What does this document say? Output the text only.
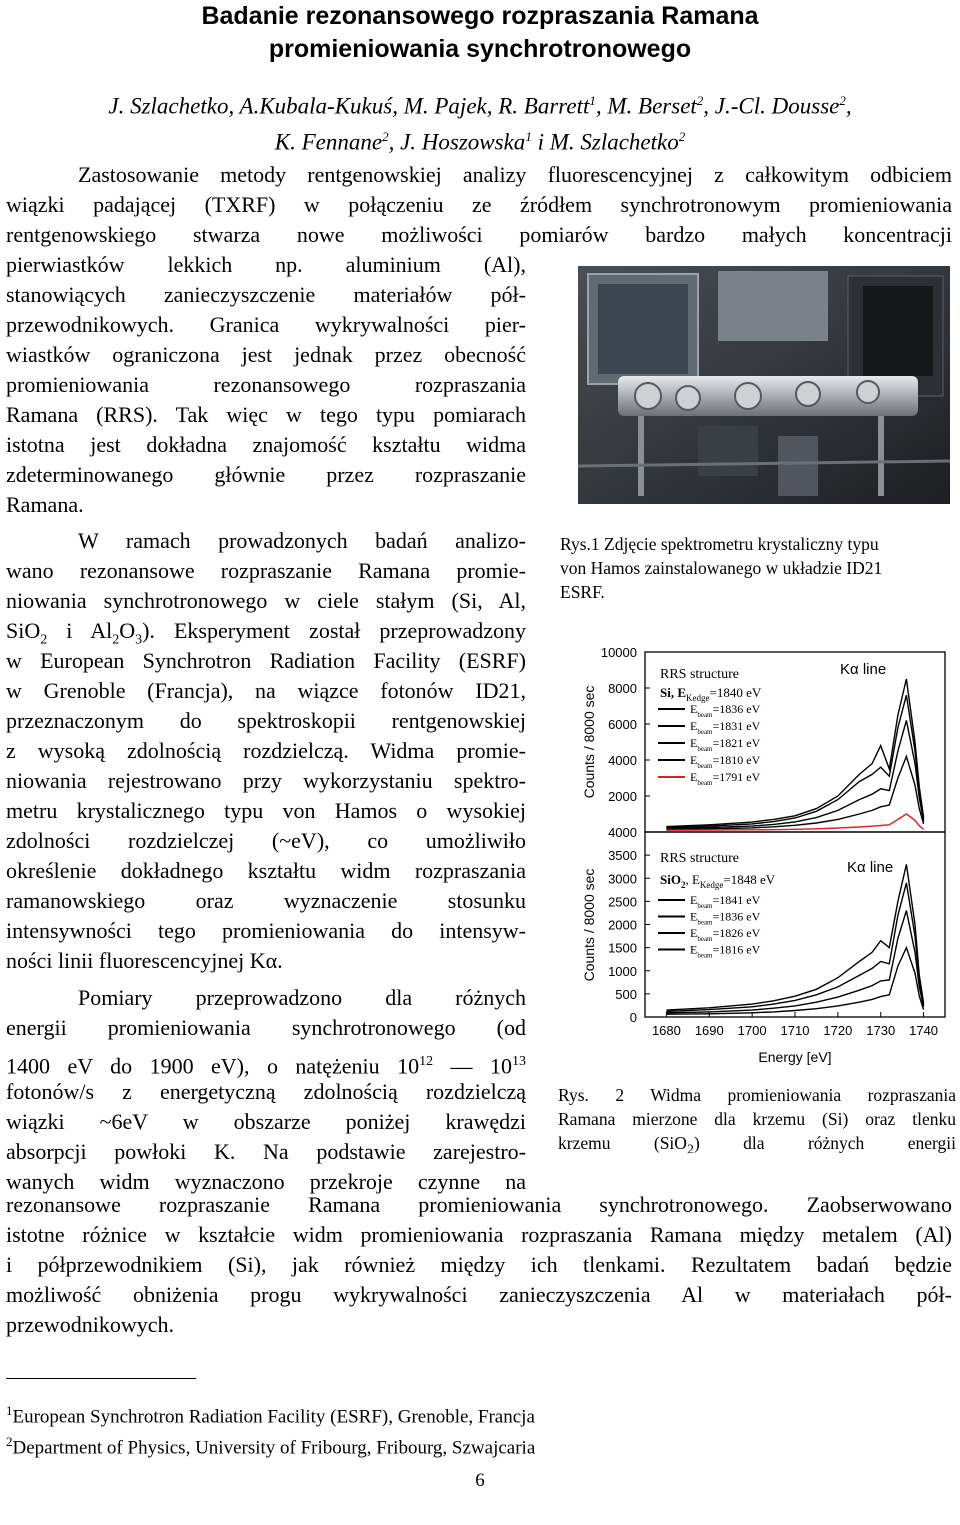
Badanie rezonansowego rozpraszania Ramana
promieniowania synchrotronowego
J. Szlachetko, A.Kubala-Kukuś, M. Pajek, R. Barrett$^1$, M. Berset$^2$, J.-Cl. Dousse$^2$,
K. Fennane$^2$, J. Hoszowska$^1$ i M. Szlachetko$^2$
Zastosowanie metody rentgenowskiej analizy fluorescencyjnej z całkowitym odbiciem
wiązki padającej (TXRF) w połączeniu ze źródłem synchrotronowym promieniowania
rentgenowskiego stwarza nowe możliwości pomiarów bardzo małych koncentracji
pierwiastków lekkich np. aluminium (Al),
stanowiących zanieczyszczenie materiałów pół-
przewodnikowych. Granica wykrywalności pier-
wiastków ograniczona jest jednak przez obecność
promieniowania rezonansowego rozpraszania
Ramana (RRS). Tak więc w tego typu pomiarach
istotna jest dokładna znajomość kształtu widma
zdeterminowanego głównie przez rozpraszanie
Ramana.
W ramach prowadzonych badań analizo-
wano rezonansowe rozpraszanie Ramana promie-
niowania synchrotronowego w ciele stałym (Si, Al,
SiO$_2$ i $Al_2O_3$). Eksperyment został przeprowadzony
w European Synchrotron Radiation Facility (ESRF)
w Grenoble (Francja), na wiązce fotonów ID21,
przeznaczonym do spektroskopii rentgenowskiej
z wysoką zdolnością rozdzielczą. Widma promie-
niowania rejestrowano przy wykorzystaniu spektro-
metru krystalicznego typu von Hamos o wysokiej
zdolności rozdzielczej (~eV), co umożliwiło
określenie dokładnego kształtu widm rozpraszania
ramanowskiego oraz wyznaczenie stosunku
intensywności tego promieniowania do intensyw-
ności linii fluorescencyjnej Kα.
Pomiary przeprowadzono dla różnych
energii promieniowania synchrotronowego (od
1400 eV do 1900 eV), o natężeniu $10^{12}$ — $10^{13}$
fotonów/s z energetyczną zdolnością rozdzielczą
wiązki ~6eV w obszarze poniżej krawędzi
absorpcji powłoki K. Na podstawie zarejestro-
wanych widm wyznaczono przekroje czynne na
rezonansowe rozpraszanie Ramana promieniowania synchrotronowego. Zaobserwowano
istotne różnice w kształcie widm promieniowania rozpraszania Ramana między metalem (Al)
i półprzewodnikiem (Si), jak również między ich tlenkami. Rezultatem badań będzie
możliwość obniżenia progu wykrywalności zanieczyszczenia Al w materiałach pół-
przewodnikowych.
Rys.1 Zdjęcie spektrometru krystaliczny typu
von Hamos zainstalowanego w układzie ID21
ESRF.
10000
8000
6000
4000
2000
4000
3500
3000
2500
2000
1500
1000
500
0
1680 1690 1700 1710 1720 1730 1740
Counts / 8000 sec
Counts / 8000 sec
Energy [eV]
RRS structure
Si, $E_{Kedge}=1840$ eV
Kα line
$E_{beam}=1836$ eV
$E_{beam}=1831$ eV
$E_{beam}=1821$ eV
$E_{beam}=1810$ eV
$E_{beam}=1791$ eV
RRS structure
SiO$_2$, $E_{Kedge}=1848$ eV
Kα line
$E_{beam}=1841$ eV
$E_{beam}=1836$ eV
$E_{beam}=1826$ eV
$E_{beam}=1816$ eV
Rys. 2 Widma promieniowania rozpraszania
Ramana mierzone dla krzemu (Si) oraz tlenku
krzemu (SiO$_2$) dla różnych energii
$^1$European Synchrotron Radiation Facility (ESRF), Grenoble, Francja
$^2$Department of Physics, University of Fribourg, Fribourg, Szwajcaria
6
